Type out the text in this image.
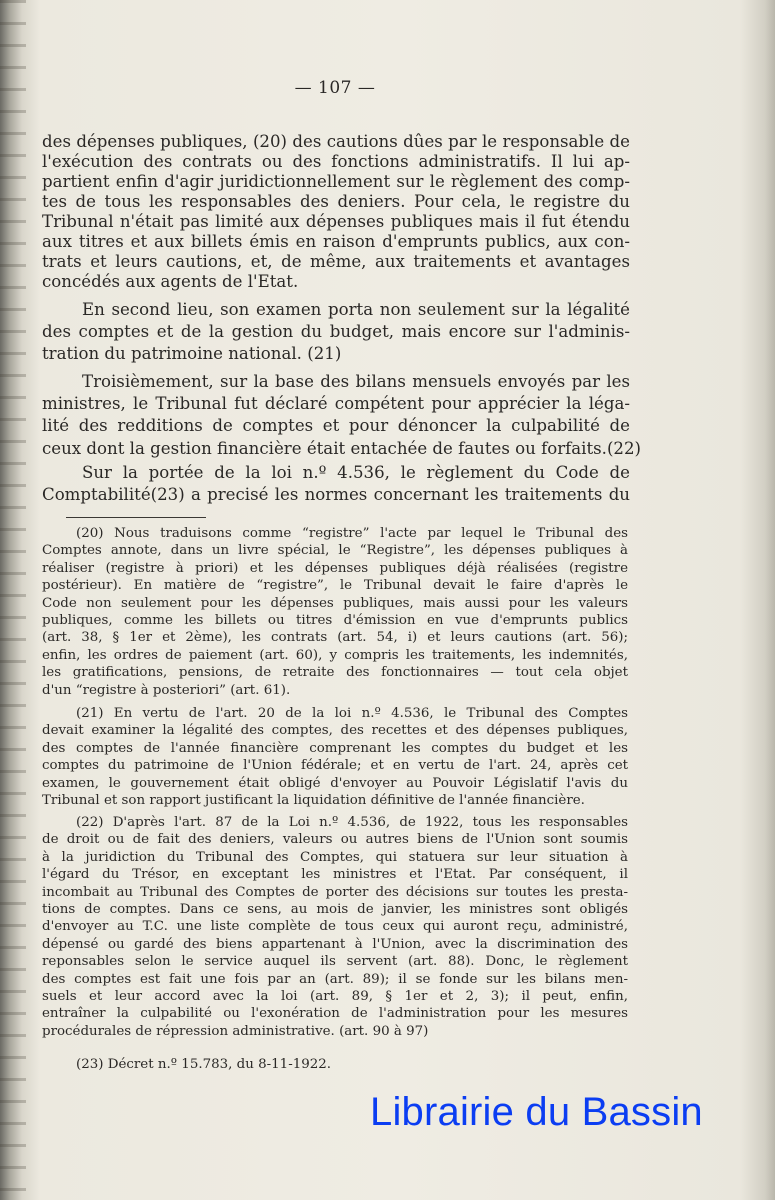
— 107 —
des dépenses publiques, (20) des cautions dûes par le responsable de
l'exécution des contrats ou des fonctions administratifs. Il lui ap-
partient enfin d'agir juridictionnellement sur le règlement des comp-
tes de tous les responsables des deniers. Pour cela, le registre du
Tribunal n'était pas limité aux dépenses publiques mais il fut étendu
aux titres et aux billets émis en raison d'emprunts publics, aux con-
trats et leurs cautions, et, de même, aux traitements et avantages
concédés aux agents de l'Etat.
En second lieu, son examen porta non seulement sur la légalité
des comptes et de la gestion du budget, mais encore sur l'adminis-
tration du patrimoine national. (21)
Troisièmement, sur la base des bilans mensuels envoyés par les
ministres, le Tribunal fut déclaré compétent pour apprécier la léga-
lité des redditions de comptes et pour dénoncer la culpabilité de
ceux dont la gestion financière était entachée de fautes ou forfaits.(22)
Sur la portée de la loi n.º 4.536, le règlement du Code de
Comptabilité(23) a precisé les normes concernant les traitements du
(20) Nous traduisons comme “registre” l'acte par lequel le Tribunal des
Comptes annote, dans un livre spécial, le “Registre”, les dépenses publiques à
réaliser (registre à priori) et les dépenses publiques déjà réalisées (registre
postérieur). En matière de “registre”, le Tribunal devait le faire d'après le
Code non seulement pour les dépenses publiques, mais aussi pour les valeurs
publiques, comme les billets ou titres d'émission en vue d'emprunts publics
(art. 38, § 1er et 2ème), les contrats (art. 54, i) et leurs cautions (art. 56);
enfin, les ordres de paiement (art. 60), y compris les traitements, les indemnités,
les gratifications, pensions, de retraite des fonctionnaires — tout cela objet
d'un “registre à posteriori” (art. 61).
(21) En vertu de l'art. 20 de la loi n.º 4.536, le Tribunal des Comptes
devait examiner la légalité des comptes, des recettes et des dépenses publiques,
des comptes de l'année financière comprenant les comptes du budget et les
comptes du patrimoine de l'Union fédérale; et en vertu de l'art. 24, après cet
examen, le gouvernement était obligé d'envoyer au Pouvoir Législatif l'avis du
Tribunal et son rapport justificant la liquidation définitive de l'année financière.
(22) D'après l'art. 87 de la Loi n.º 4.536, de 1922, tous les responsables
de droit ou de fait des deniers, valeurs ou autres biens de l'Union sont soumis
à la juridiction du Tribunal des Comptes, qui statuera sur leur situation à
l'égard du Trésor, en exceptant les ministres et l'Etat. Par conséquent, il
incombait au Tribunal des Comptes de porter des décisions sur toutes les presta-
tions de comptes. Dans ce sens, au mois de janvier, les ministres sont obligés
d'envoyer au T.C. une liste complète de tous ceux qui auront reçu, administré,
dépensé ou gardé des biens appartenant à l'Union, avec la discrimination des
reponsables selon le service auquel ils servent (art. 88). Donc, le règlement
des comptes est fait une fois par an (art. 89); il se fonde sur les bilans men-
suels et leur accord avec la loi (art. 89, § 1er et 2, 3); il peut, enfin,
entraîner la culpabilité ou l'exonération de l'administration pour les mesures
procédurales de répression administrative. (art. 90 à 97)
(23) Décret n.º 15.783, du 8-11-1922.
Librairie du Bassin
